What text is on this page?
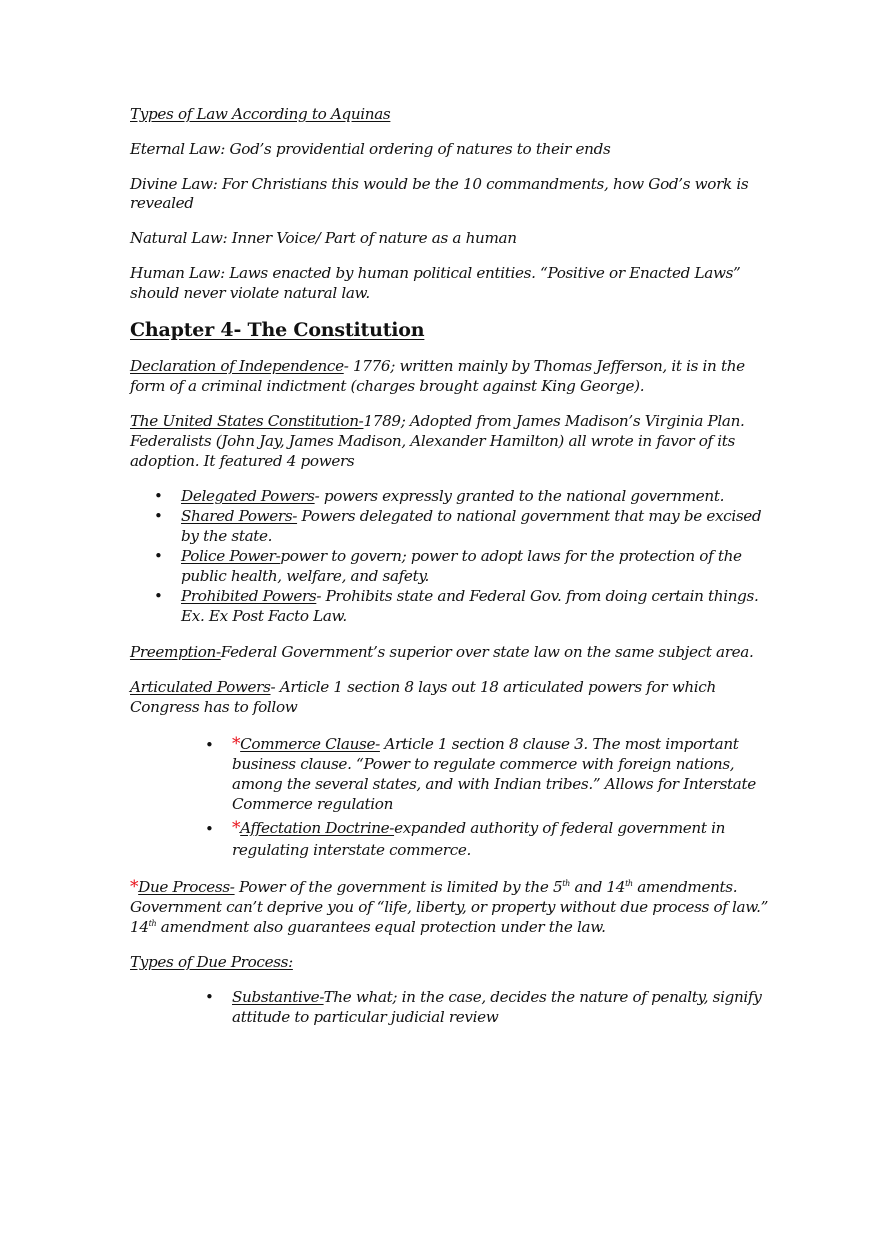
Types of Law According to Aquinas
Eternal Law: God’s providential ordering of natures to their ends
Divine Law: For Christians this would be the 10 commandments, how God’s work is
revealed
Natural Law: Inner Voice/ Part of nature as a human
Human Law: Laws enacted by human political entities. “Positive or Enacted Laws”
should never violate natural law.
Chapter 4- The Constitution
Declaration of Independence- 1776; written mainly by Thomas Jefferson, it is in the
form of a criminal indictment (charges brought against King George).
The United States Constitution-1789; Adopted from James Madison’s Virginia Plan.
Federalists (John Jay, James Madison, Alexander Hamilton) all wrote in favor of its
adoption. It featured 4 powers
• Delegated Powers- powers expressly granted to the national government.
• Shared Powers- Powers delegated to national government that may be excised
by the state.
• Police Power-power to govern; power to adopt laws for the protection of the
public health, welfare, and safety.
• Prohibited Powers- Prohibits state and Federal Gov. from doing certain things.
Ex. Ex Post Facto Law.
Preemption-Federal Government’s superior over state law on the same subject area.
Articulated Powers- Article 1 section 8 lays out 18 articulated powers for which
Congress has to follow
• *Commerce Clause- Article 1 section 8 clause 3. The most important
business clause. “Power to regulate commerce with foreign nations,
among the several states, and with Indian tribes.” Allows for Interstate
Commerce regulation
• *Affectation Doctrine-expanded authority of federal government in
regulating interstate commerce.
*Due Process- Power of the government is limited by the 5th and 14th amendments.
Government can’t deprive you of “life, liberty, or property without due process of law.”
14th amendment also guarantees equal protection under the law.
Types of Due Process:
• Substantive-The what; in the case, decides the nature of penalty, signify
attitude to particular judicial review
